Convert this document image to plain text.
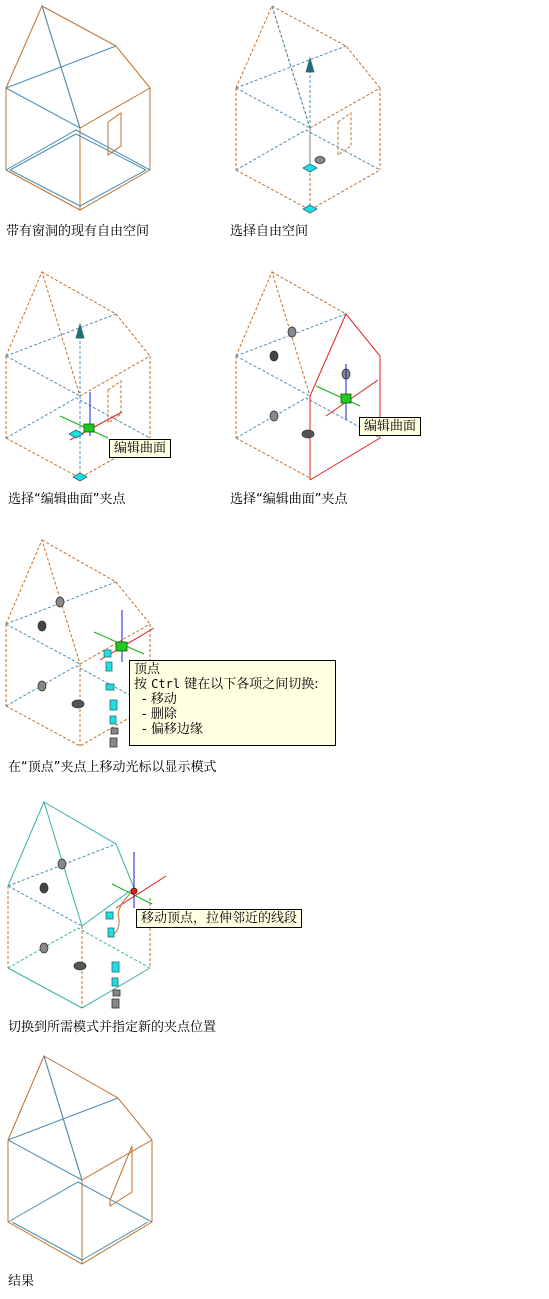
带有窗洞的现有自由空间	选择自由空间
编辑曲面
选择“编辑曲面”夹点
编辑曲面
选择“编辑曲面”夹点
顶点
按 Ctrl 键在以下各项之间切换:
- 移动
- 删除
- 偏移边缘
在“顶点”夹点上移动光标以显示模式
移动顶点，拉伸邻近的线段
切换到所需模式并指定新的夹点位置
结果
